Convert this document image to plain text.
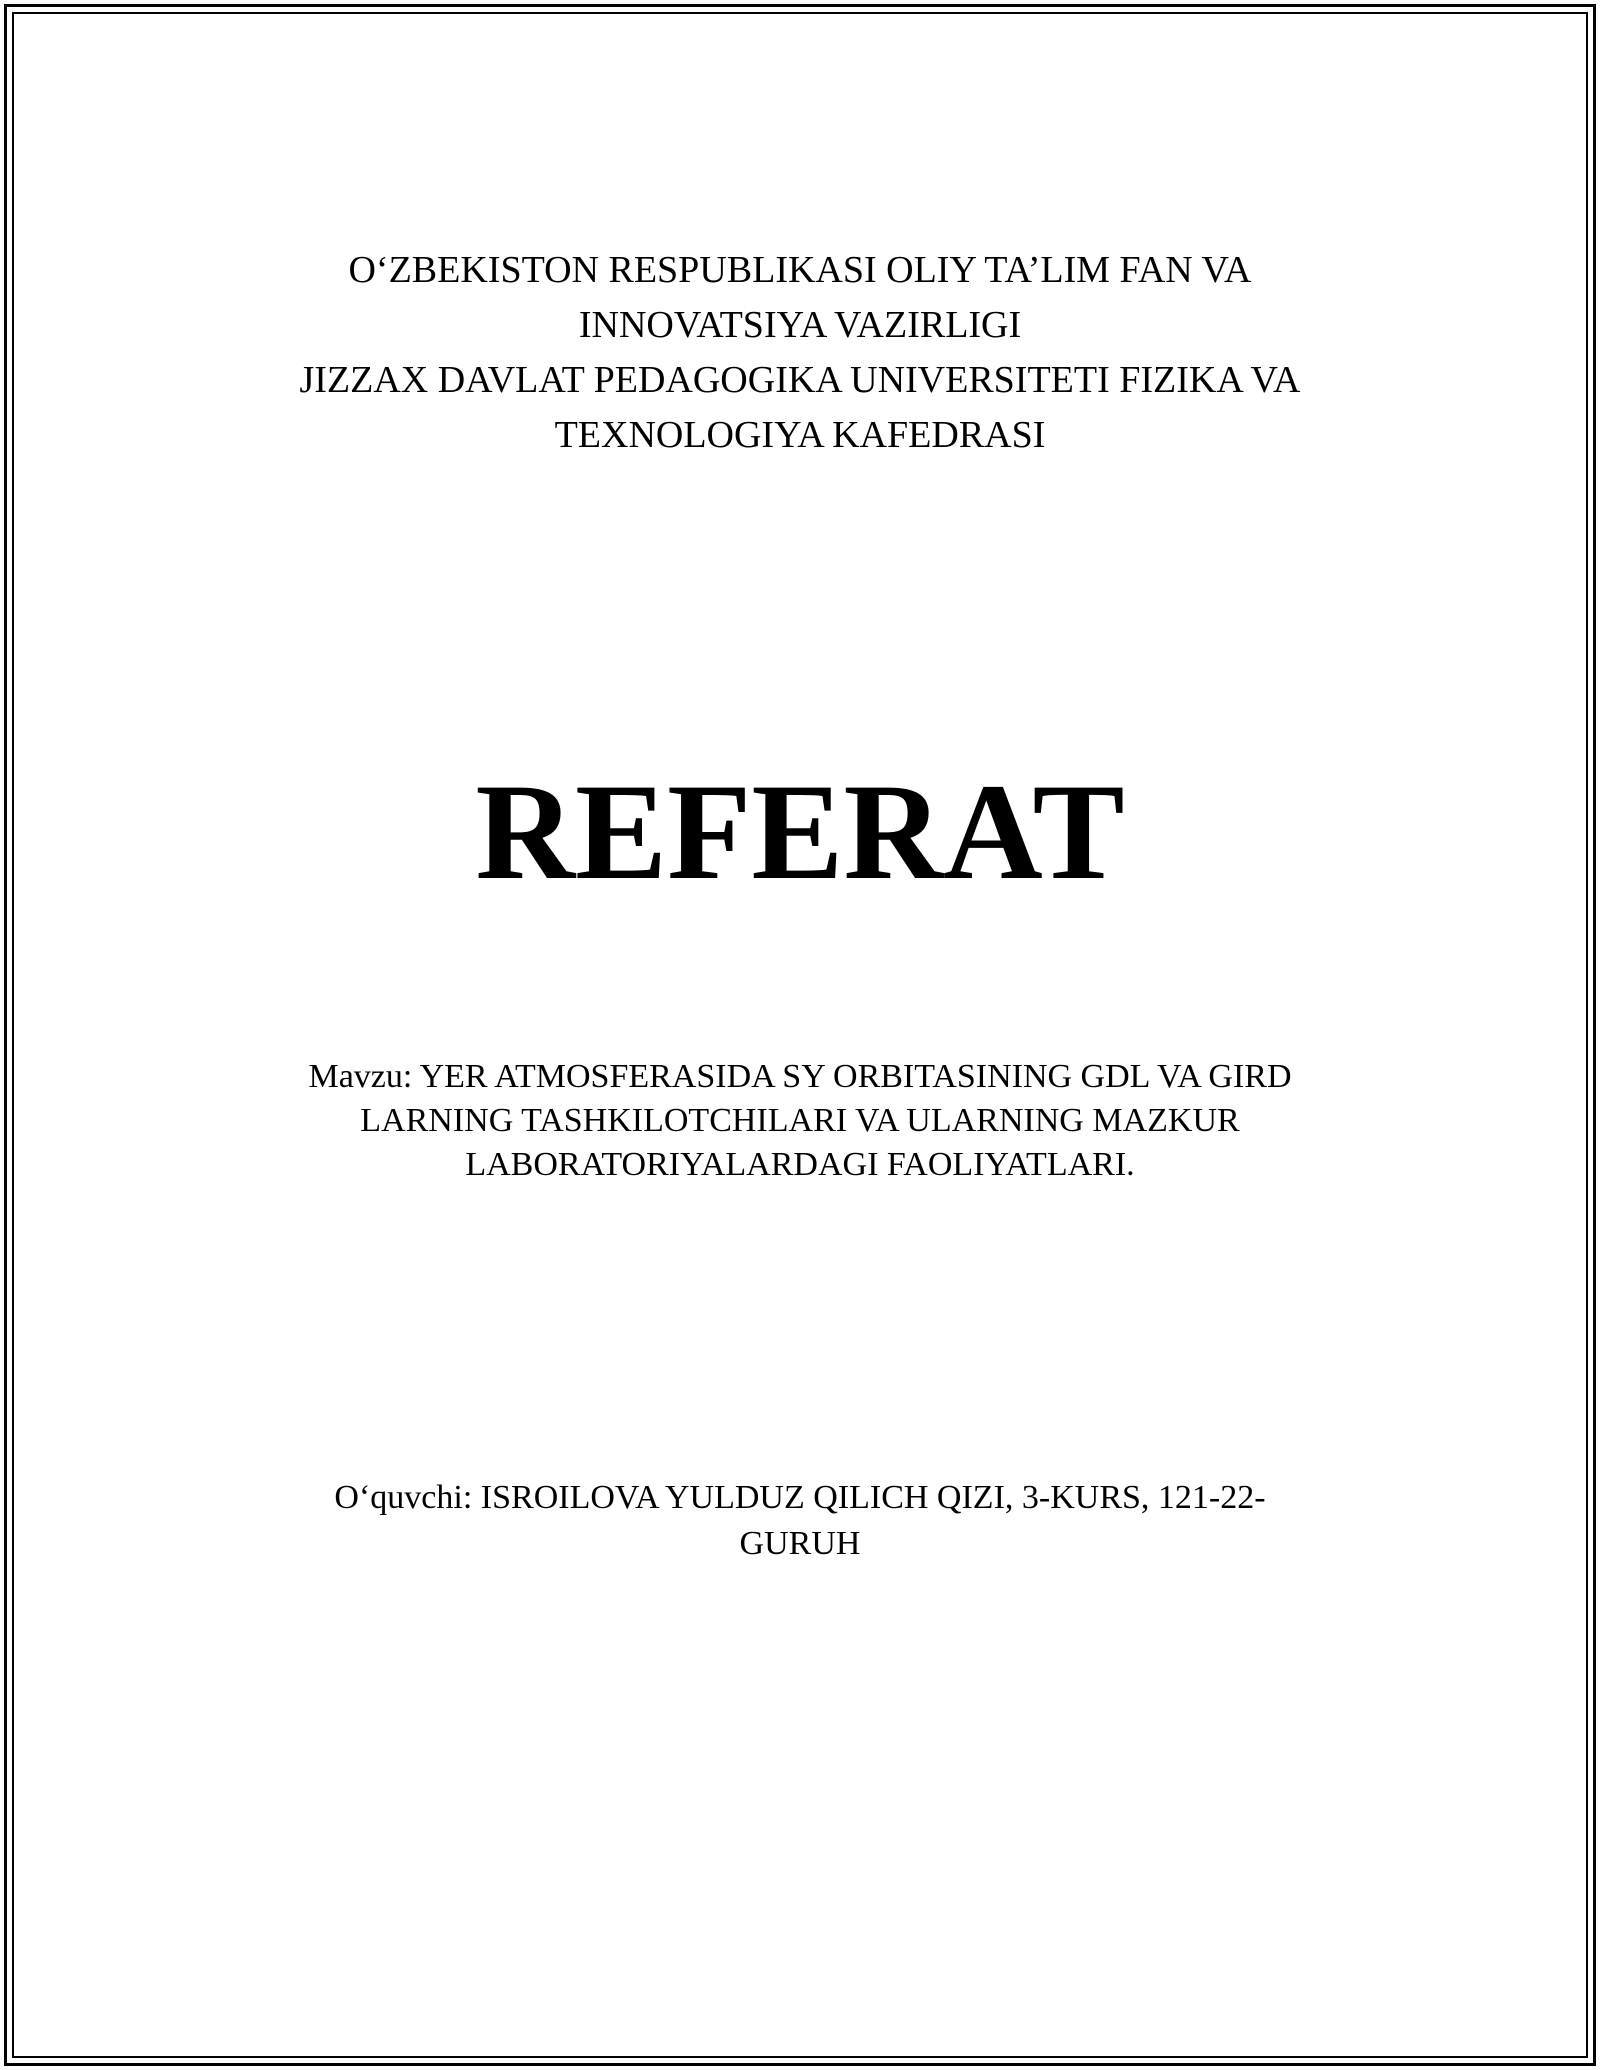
O‘ZBEKISTON RESPUBLIKASI OLIY TA’LIM FAN VA
INNOVATSIYA VAZIRLIGI
JIZZAX DAVLAT PEDAGOGIKA UNIVERSITETI FIZIKA VA
TEXNOLOGIYA KAFEDRASI
REFERAT
Mavzu: YER ATMOSFERASIDA SY ORBITASINING GDL VA GIRD
LARNING TASHKILOTCHILARI VA ULARNING MAZKUR
LABORATORIYALARDAGI FAOLIYATLARI.
O‘quvchi: ISROILOVA YULDUZ QILICH QIZI, 3-KURS, 121-22-
GURUH
